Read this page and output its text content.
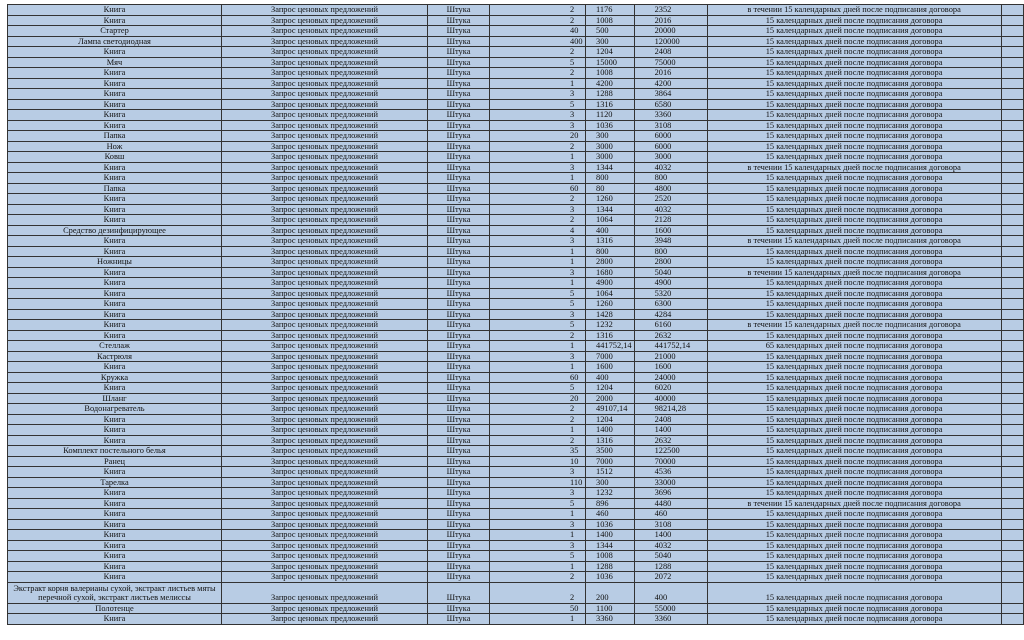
Книга	Запрос ценовых предложений	Штука	2	1176	2352	в течении 15 календарных дней после подписания договора	
Книга	Запрос ценовых предложений	Штука	2	1008	2016	15 календарных дней после подписания договора	
Стартер	Запрос ценовых предложений	Штука	40	500	20000	15 календарных дней после подписания договора	
Лампа светодиодная	Запрос ценовых предложений	Штука	400	300	120000	15 календарных дней после подписания договора	
Книга	Запрос ценовых предложений	Штука	2	1204	2408	15 календарных дней после подписания договора	
Мяч	Запрос ценовых предложений	Штука	5	15000	75000	15 календарных дней после подписания договора	
Книга	Запрос ценовых предложений	Штука	2	1008	2016	15 календарных дней после подписания договора	
Книга	Запрос ценовых предложений	Штука	1	4200	4200	15 календарных дней после подписания договора	
Книга	Запрос ценовых предложений	Штука	3	1288	3864	15 календарных дней после подписания договора	
Книга	Запрос ценовых предложений	Штука	5	1316	6580	15 календарных дней после подписания договора	
Книга	Запрос ценовых предложений	Штука	3	1120	3360	15 календарных дней после подписания договора	
Книга	Запрос ценовых предложений	Штука	3	1036	3108	15 календарных дней после подписания договора	
Папка	Запрос ценовых предложений	Штука	20	300	6000	15 календарных дней после подписания договора	
Нож	Запрос ценовых предложений	Штука	2	3000	6000	15 календарных дней после подписания договора	
Ковш	Запрос ценовых предложений	Штука	1	3000	3000	15 календарных дней после подписания договора	
Книга	Запрос ценовых предложений	Штука	3	1344	4032	в течении 15 календарных дней после подписания договора	
Книга	Запрос ценовых предложений	Штука	1	800	800	15 календарных дней после подписания договора	
Папка	Запрос ценовых предложений	Штука	60	80	4800	15 календарных дней после подписания договора	
Книга	Запрос ценовых предложений	Штука	2	1260	2520	15 календарных дней после подписания договора	
Книга	Запрос ценовых предложений	Штука	3	1344	4032	15 календарных дней после подписания договора	
Книга	Запрос ценовых предложений	Штука	2	1064	2128	15 календарных дней после подписания договора	
Средство дезинфицирующее	Запрос ценовых предложений	Штука	4	400	1600	15 календарных дней после подписания договора	
Книга	Запрос ценовых предложений	Штука	3	1316	3948	в течении 15 календарных дней после подписания договора	
Книга	Запрос ценовых предложений	Штука	1	800	800	15 календарных дней после подписания договора	
Ножницы	Запрос ценовых предложений	Штука	1	2800	2800	15 календарных дней после подписания договора	
Книга	Запрос ценовых предложений	Штука	3	1680	5040	в течении 15 календарных дней после подписания договора	
Книга	Запрос ценовых предложений	Штука	1	4900	4900	15 календарных дней после подписания договора	
Книга	Запрос ценовых предложений	Штука	5	1064	5320	15 календарных дней после подписания договора	
Книга	Запрос ценовых предложений	Штука	5	1260	6300	15 календарных дней после подписания договора	
Книга	Запрос ценовых предложений	Штука	3	1428	4284	15 календарных дней после подписания договора	
Книга	Запрос ценовых предложений	Штука	5	1232	6160	в течении 15 календарных дней после подписания договора	
Книга	Запрос ценовых предложений	Штука	2	1316	2632	15 календарных дней после подписания договора	
Стеллаж	Запрос ценовых предложений	Штука	1	441752,14	441752,14	65 календарных дней после подписания договора	
Кастрюля	Запрос ценовых предложений	Штука	3	7000	21000	15 календарных дней после подписания договора	
Книга	Запрос ценовых предложений	Штука	1	1600	1600	15 календарных дней после подписания договора	
Кружка	Запрос ценовых предложений	Штука	60	400	24000	15 календарных дней после подписания договора	
Книга	Запрос ценовых предложений	Штука	5	1204	6020	15 календарных дней после подписания договора	
Шланг	Запрос ценовых предложений	Штука	20	2000	40000	15 календарных дней после подписания договора	
Водонагреватель	Запрос ценовых предложений	Штука	2	49107,14	98214,28	15 календарных дней после подписания договора	
Книга	Запрос ценовых предложений	Штука	2	1204	2408	15 календарных дней после подписания договора	
Книга	Запрос ценовых предложений	Штука	1	1400	1400	15 календарных дней после подписания договора	
Книга	Запрос ценовых предложений	Штука	2	1316	2632	15 календарных дней после подписания договора	
Комплект постельного белья	Запрос ценовых предложений	Штука	35	3500	122500	15 календарных дней после подписания договора	
Ранец	Запрос ценовых предложений	Штука	10	7000	70000	15 календарных дней после подписания договора	
Книга	Запрос ценовых предложений	Штука	3	1512	4536	15 календарных дней после подписания договора	
Тарелка	Запрос ценовых предложений	Штука	110	300	33000	15 календарных дней после подписания договора	
Книга	Запрос ценовых предложений	Штука	3	1232	3696	15 календарных дней после подписания договора	
Книга	Запрос ценовых предложений	Штука	5	896	4480	в течении 15 календарных дней после подписания договора	
Книга	Запрос ценовых предложений	Штука	1	460	460	15 календарных дней после подписания договора	
Книга	Запрос ценовых предложений	Штука	3	1036	3108	15 календарных дней после подписания договора	
Книга	Запрос ценовых предложений	Штука	1	1400	1400	15 календарных дней после подписания договора	
Книга	Запрос ценовых предложений	Штука	3	1344	4032	15 календарных дней после подписания договора	
Книга	Запрос ценовых предложений	Штука	5	1008	5040	15 календарных дней после подписания договора	
Книга	Запрос ценовых предложений	Штука	1	1288	1288	15 календарных дней после подписания договора	
Книга	Запрос ценовых предложений	Штука	2	1036	2072	15 календарных дней после подписания договора	
Экстракт корня валерианы сухой, экстракт листьев мяты перечной сухой, экстракт листьев мелиссы	Запрос ценовых предложений	Штука	2	200	400	15 календарных дней после подписания договора	
Полотенце	Запрос ценовых предложений	Штука	50	1100	55000	15 календарных дней после подписания договора	
Книга	Запрос ценовых предложений	Штука	1	3360	3360	15 календарных дней после подписания договора	
